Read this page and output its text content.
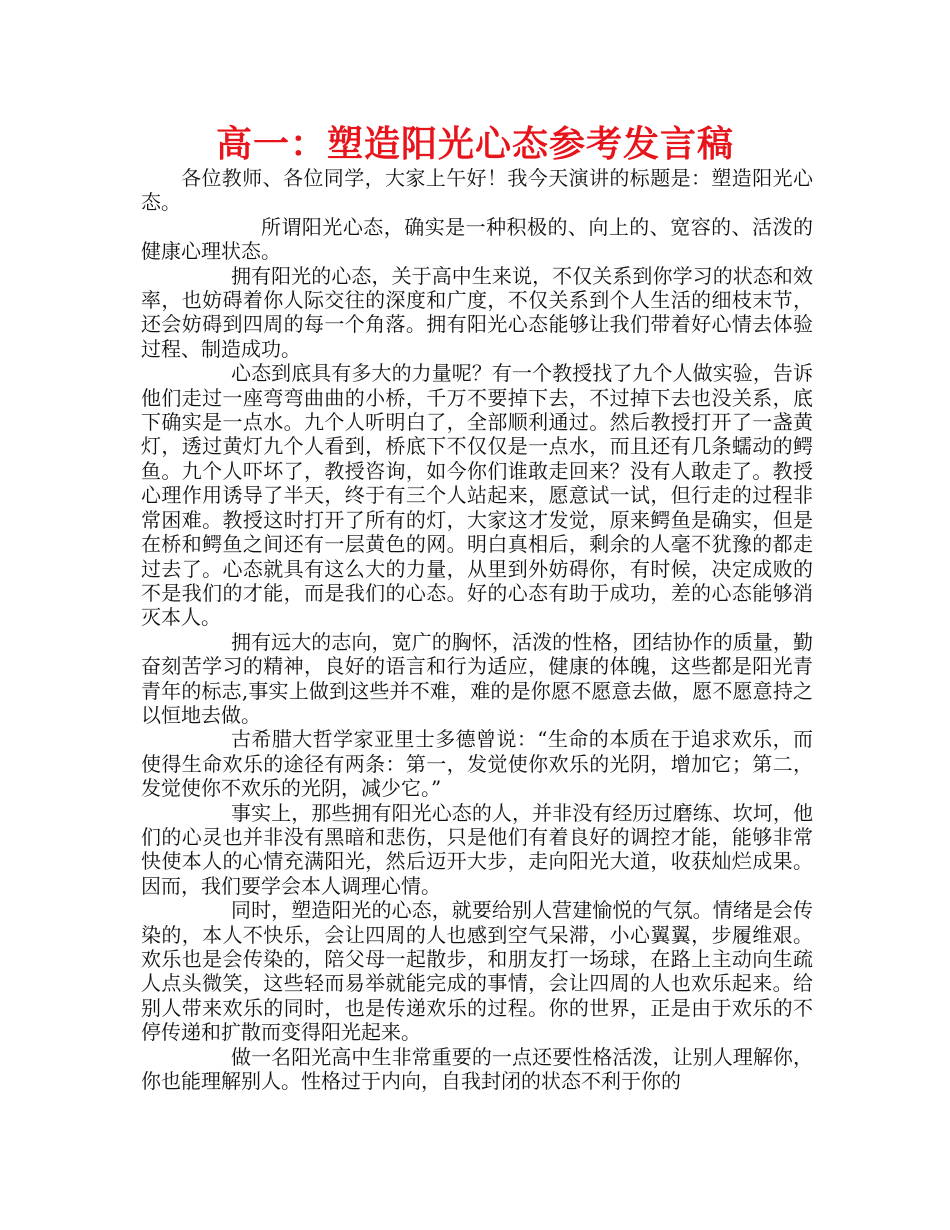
高一：塑造阳光心态参考发言稿

各位教师、各位同学，大家上午好！我今天演讲的标题是：塑造阳光心态。

所谓阳光心态，确实是一种积极的、向上的、宽容的、活泼的健康心理状态。

拥有阳光的心态，关于高中生来说，不仅关系到你学习的状态和效率，也妨碍着你人际交往的深度和广度，不仅关系到个人生活的细枝末节，还会妨碍到四周的每一个角落。拥有阳光心态能够让我们带着好心情去体验过程、制造成功。

心态到底具有多大的力量呢？有一个教授找了九个人做实验，告诉他们走过一座弯弯曲曲的小桥，千万不要掉下去，不过掉下去也没关系，底下确实是一点水。九个人听明白了，全部顺利通过。然后教授打开了一盏黄灯，透过黄灯九个人看到，桥底下不仅仅是一点水，而且还有几条蠕动的鳄鱼。九个人吓坏了，教授咨询，如今你们谁敢走回来？没有人敢走了。教授心理作用诱导了半天，终于有三个人站起来，愿意试一试，但行走的过程非常困难。教授这时打开了所有的灯，大家这才发觉，原来鳄鱼是确实，但是在桥和鳄鱼之间还有一层黄色的网。明白真相后，剩余的人毫不犹豫的都走过去了。心态就具有这么大的力量，从里到外妨碍你，有时候，决定成败的不是我们的才能，而是我们的心态。好的心态有助于成功，差的心态能够消灭本人。

拥有远大的志向，宽广的胸怀，活泼的性格，团结协作的质量，勤奋刻苦学习的精神，良好的语言和行为适应，健康的体魄，这些都是阳光青青年的标志,事实上做到这些并不难，难的是你愿不愿意去做，愿不愿意持之以恒地去做。

古希腊大哲学家亚里士多德曾说：“生命的本质在于追求欢乐，而使得生命欢乐的途径有两条：第一，发觉使你欢乐的光阴，增加它；第二，发觉使你不欢乐的光阴，减少它。”

事实上，那些拥有阳光心态的人，并非没有经历过磨练、坎坷，他们的心灵也并非没有黑暗和悲伤，只是他们有着良好的调控才能，能够非常快使本人的心情充满阳光，然后迈开大步，走向阳光大道，收获灿烂成果。因而，我们要学会本人调理心情。

同时，塑造阳光的心态，就要给别人营建愉悦的气氛。情绪是会传染的，本人不快乐，会让四周的人也感到空气呆滞，小心翼翼，步履维艰。欢乐也是会传染的，陪父母一起散步，和朋友打一场球，在路上主动向生疏人点头微笑，这些轻而易举就能完成的事情，会让四周的人也欢乐起来。给别人带来欢乐的同时，也是传递欢乐的过程。你的世界，正是由于欢乐的不停传递和扩散而变得阳光起来。

做一名阳光高中生非常重要的一点还要性格活泼，让别人理解你，你也能理解别人。性格过于内向，自我封闭的状态不利于你的
